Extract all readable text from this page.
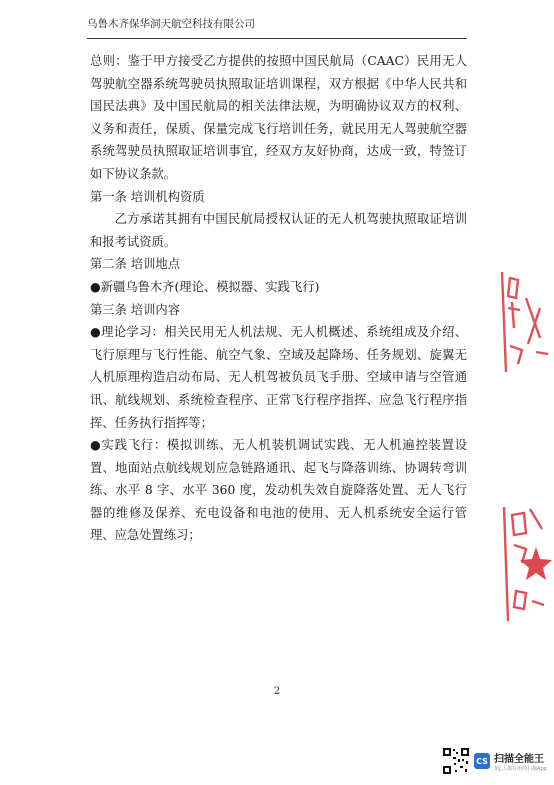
乌鲁木齐保华洞天航空科技有限公司

总则：鉴于甲方接受乙方提供的按照中国民航局（CAAC）民用无人驾驶航空器系统驾驶员执照取证培训课程，双方根据《中华人民共和国民法典》及中国民航局的相关法律法规，为明确协议双方的权利、义务和责任，保质、保量完成飞行培训任务，就民用无人驾驶航空器系统驾驶员执照取证培训事宜，经双方友好协商，达成一致，特签订如下协议条款。

第一条 培训机构资质

乙方承诺其拥有中国民航局授权认证的无人机驾驶执照取证培训和报考试资质。

第二条 培训地点

●新疆乌鲁木齐(理论、模拟器、实践飞行)

第三条 培训内容

●理论学习：相关民用无人机法规、无人机概述、系统组成及介绍、飞行原理与飞行性能、航空气象、空域及起降场、任务规划、旋翼无人机原理构造启动布局、无人机驾被负员飞手册、空域申请与空管通讯、航线规划、系统检查程序、正常飞行程序指挥、应急飞行程序指挥、任务执行指挥等；

●实践飞行：模拟训练、无人机装机调试实践、无人机遍控装置设置、地面站点航线规划应急链路通讯、起飞与降落训练、协调转弯训练、水平 8 字、水平 360 度，发动机失效自旋降落处置、无人飞行器的维修及保养、充电设备和电池的使用、无人机系统安全运行管理、应急处置练习；

2
CS 扫描全能王
3亿人都在用的扫描App
